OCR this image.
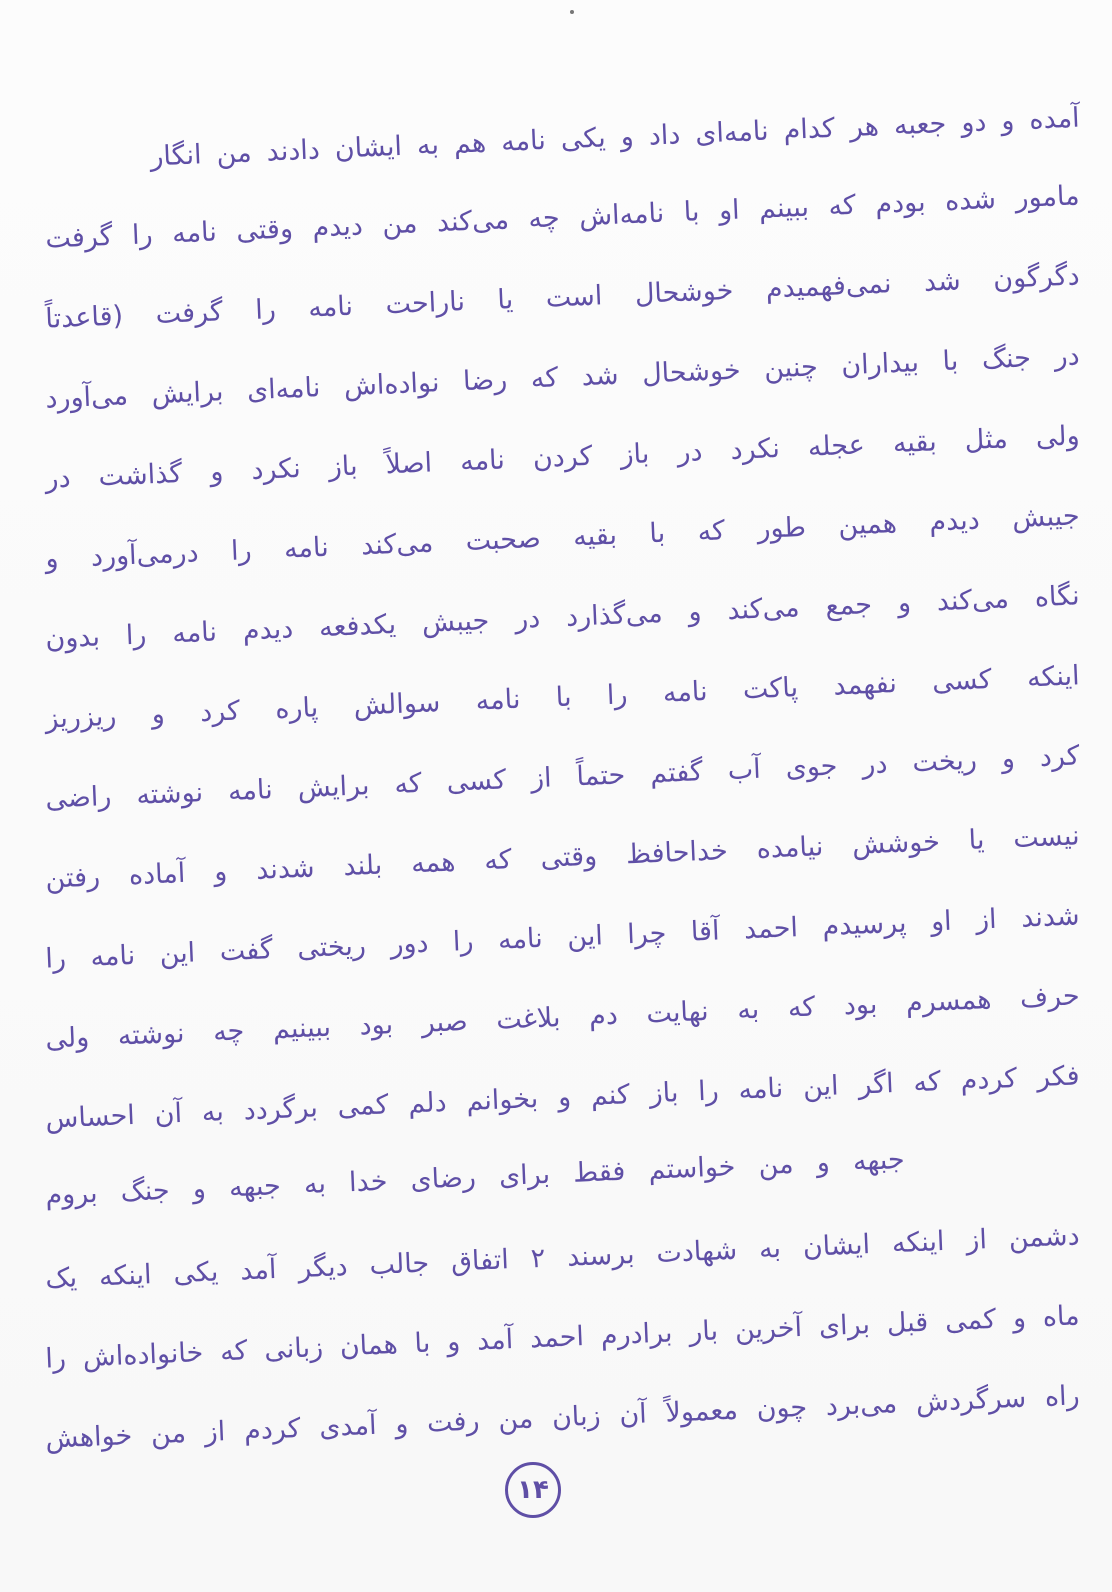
آمده و دو جعبه هر کدام نامه‌ای داد و یکی نامه هم به ایشان دادند من انگار
مامور شده بودم که ببینم او با نامه‌اش چه می‌کند من دیدم وقتی نامه را گرفت
دگرگون شد نمی‌فهمیدم خوشحال است یا ناراحت نامه را گرفت (قاعدتاً
در جنگ با بیداران چنین خوشحال شد که رضا نواده‌اش نامه‌ای برایش می‌آورد
ولی مثل بقیه عجله نکرد در باز کردن نامه اصلاً باز نکرد و گذاشت در
جیبش دیدم همین طور که با بقیه صحبت می‌کند نامه را درمی‌آورد و
نگاه می‌کند و جمع می‌کند و می‌گذارد در جیبش یکدفعه دیدم نامه را بدون
اینکه کسی نفهمد پاکت نامه را با نامه سوالش پاره کرد و ریزریز
کرد و ریخت در جوی آب گفتم حتماً از کسی که برایش نامه نوشته راضی
نیست یا خوشش نیامده خداحافظ وقتی که همه بلند شدند و آماده رفتن
شدند از او پرسیدم احمد آقا چرا این نامه را دور ریختی گفت این نامه را
حرف همسرم بود که به نهایت دم بلاغت صبر بود ببینیم چه نوشته ولی
فکر کردم که اگر این نامه را باز کنم و بخوانم دلم کمی برگردد به آن احساس
جبهه و من خواستم فقط برای رضای خدا به جبهه و جنگ بروم
دشمن از اینکه ایشان به شهادت برسند ۲ اتفاق جالب دیگر آمد یکی اینکه یک
ماه و کمی قبل برای آخرین بار برادرم احمد آمد و با همان زبانی که خانواده‌اش را
راه سرگردش می‌برد چون معمولاً آن زبان من رفت و آمدی کردم از من خواهش
۱۴
